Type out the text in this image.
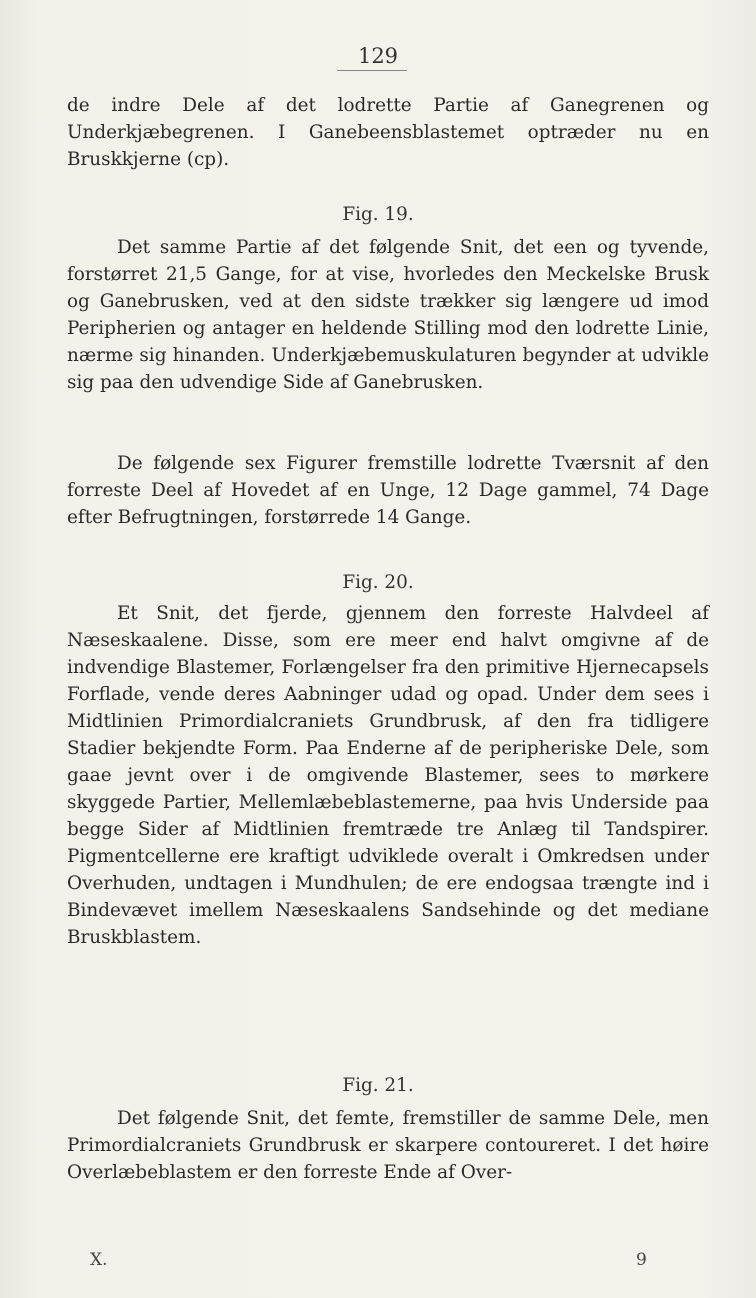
129

de indre Dele af det lodrette Partie af Ganegrenen og Underkjæbegrenen. I Ganebeensblastemet optræder nu en Bruskkjerne (cp).

Fig. 19.

Det samme Partie af det følgende Snit, det een og tyvende, forstørret 21,5 Gange, for at vise, hvorledes den Meckelske Brusk og Ganebrusken, ved at den sidste trækker sig længere ud imod Peripherien og antager en heldende Stilling mod den lodrette Linie, nærme sig hinanden. Underkjæbemuskulaturen begynder at udvikle sig paa den udvendige Side af Ganebrusken.

De følgende sex Figurer fremstille lodrette Tværsnit af den forreste Deel af Hovedet af en Unge, 12 Dage gammel, 74 Dage efter Befrugtningen, forstørrede 14 Gange.

Fig. 20.

Et Snit, det fjerde, gjennem den forreste Halvdeel af Næseskaalene. Disse, som ere meer end halvt omgivne af de indvendige Blastemer, Forlængelser fra den primitive Hjernecapsels Forflade, vende deres Aabninger udad og opad. Under dem sees i Midtlinien Primordialcraniets Grundbrusk, af den fra tidligere Stadier bekjendte Form. Paa Enderne af de peripheriske Dele, som gaae jevnt over i de omgivende Blastemer, sees to mørkere skyggede Partier, Mellemlæbeblastemerne, paa hvis Underside paa begge Sider af Midtlinien fremtræde tre Anlæg til Tandspirer. Pigmentcellerne ere kraftigt udviklede overalt i Omkredsen under Overhuden, undtagen i Mundhulen; de ere endogsaa trængte ind i Bindevævet imellem Næseskaalens Sandsehinde og det mediane Bruskblastem.

Fig. 21.

Det følgende Snit, det femte, fremstiller de samme Dele, men Primordialcraniets Grundbrusk er skarpere contoureret. I det høire Overlæbeblastem er den forreste Ende af Over-

X.	9
